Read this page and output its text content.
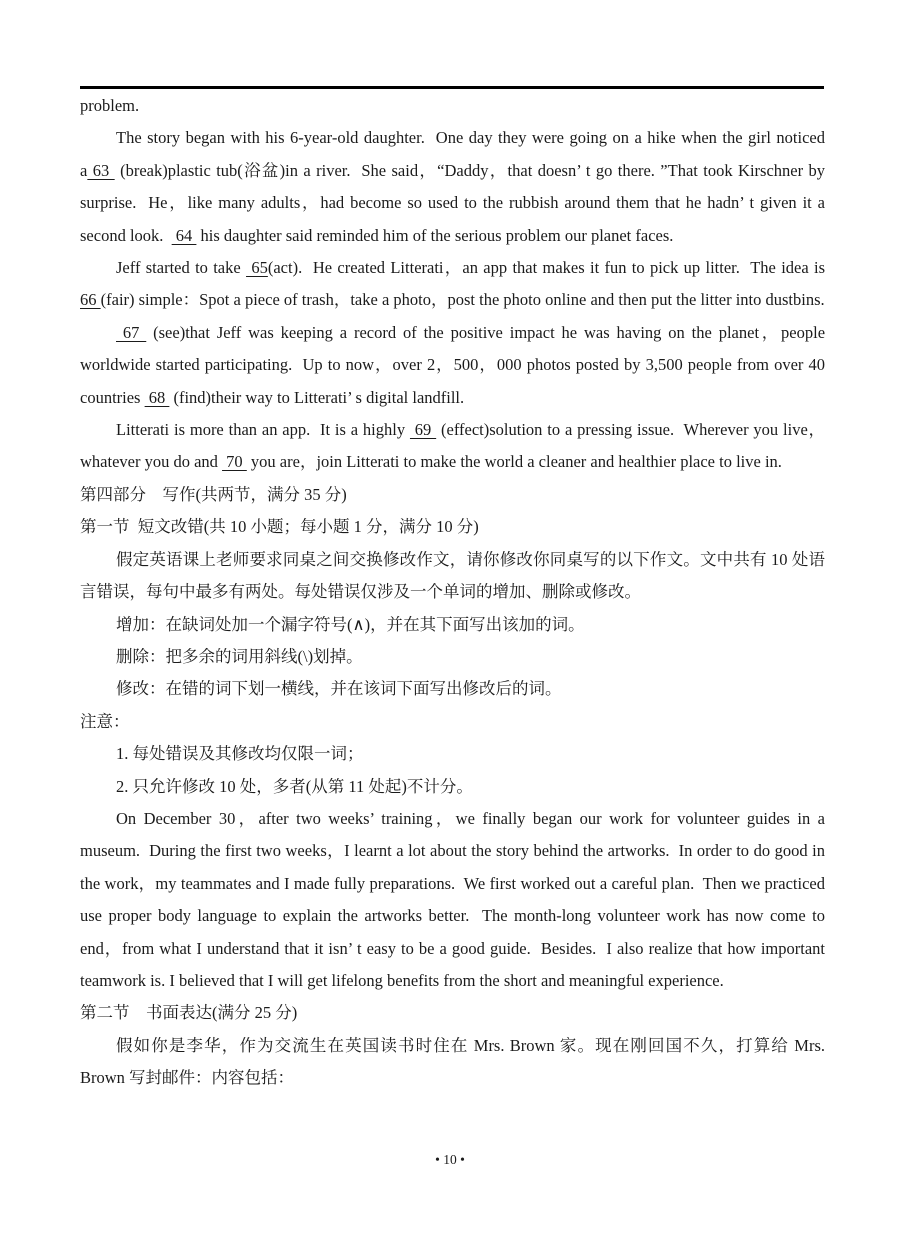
problem.

The story began with his 6-year-old daughter.  One day they were going on a hike when the girl noticed a 63  (break)plastic tub(浴盆)in a river.  She said，“Daddy，that doesn’ t go there. ”That took Kirschner by surprise.  He，like many adults，had become so used to the rubbish around them that he hadn’ t given it a second look.   64  his daughter said reminded him of the serious problem our planet faces.

Jeff started to take  65(act).  He created Litterati，an app that makes it fun to pick up litter.  The idea is 66 (fair) simple：Spot a piece of trash，take a photo，post the photo online and then put the litter into dustbins.

67  (see)that Jeff was keeping a record of the positive impact he was having on the planet，people worldwide started participating.  Up to now，over 2，500，000 photos posted by 3,500 people from over 40 countries  68  (find)their way to Litterati’ s digital landfill.

Litterati is more than an app.  It is a highly  69  (effect)solution to a pressing issue.  Wherever you live，whatever you do and  70  you are，join Litterati to make the world a cleaner and healthier place to live in.

第四部分　写作(共两节，满分 35 分)

第一节 短文改错(共 10 小题；每小题 1 分，满分 10 分)

假定英语课上老师要求同桌之间交换修改作文，请你修改你同桌写的以下作文。文中共有 10 处语言错误，每句中最多有两处。每处错误仅涉及一个单词的增加、删除或修改。

增加：在缺词处加一个漏字符号(∧)，并在其下面写出该加的词。

删除：把多余的词用斜线(\)划掉。

修改：在错的词下划一横线，并在该词下面写出修改后的词。

注意：

1. 每处错误及其修改均仅限一词；

2. 只允许修改 10 处，多者(从第 11 处起)不计分。

On December 30，after two weeks’ training，we finally began our work for volunteer guides in a museum.  During the first two weeks，I learnt a lot about the story behind the artworks.  In order to do good in the work，my teammates and I made fully preparations.  We first worked out a careful plan.  Then we practiced use proper body language to explain the artworks better.  The month-long volunteer work has now come to end，from what I understand that it isn’ t easy to be a good guide.  Besides.  I also realize that how important teamwork is. I believed that I will get lifelong benefits from the short and meaningful experience.

第二节　书面表达(满分 25 分)

假如你是李华，作为交流生在英国读书时住在 Mrs. Brown 家。现在刚回国不久，打算给 Mrs. Brown 写封邮件：内容包括：

• 10 •
